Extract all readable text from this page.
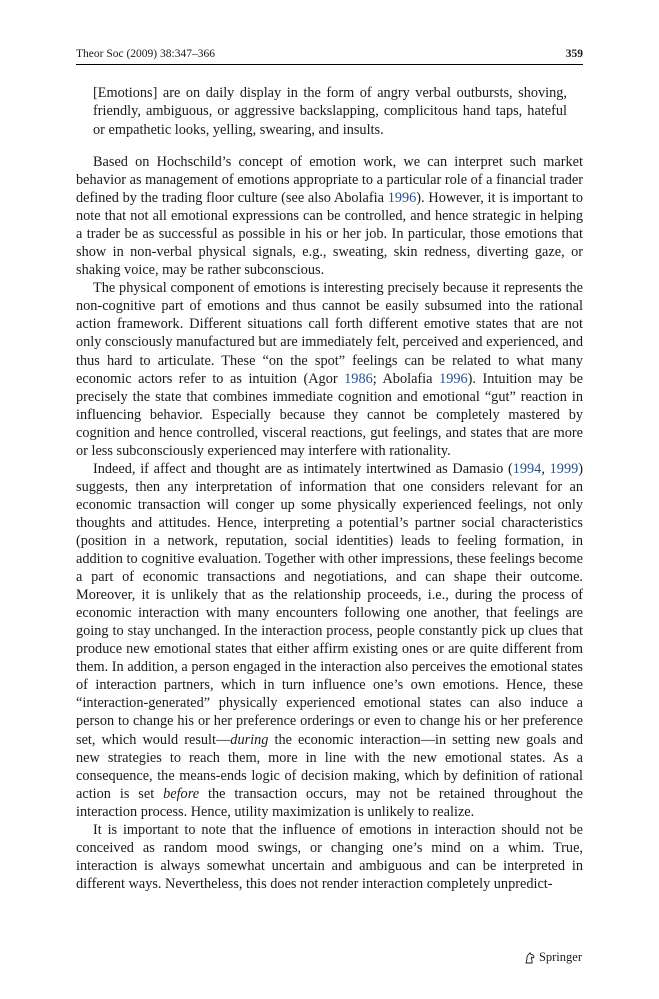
Theor Soc (2009) 38:347–366	359
[Emotions] are on daily display in the form of angry verbal outbursts, shoving, friendly, ambiguous, or aggressive backslapping, complicitous hand taps, hateful or empathetic looks, yelling, swearing, and insults.

Based on Hochschild’s concept of emotion work, we can interpret such market behavior as management of emotions appropriate to a particular role of a financial trader defined by the trading floor culture (see also Abolafia 1996). However, it is important to note that not all emotional expressions can be controlled, and hence strategic in helping a trader be as successful as possible in his or her job. In particular, those emotions that show in non-verbal physical signals, e.g., sweating, skin redness, diverting gaze, or shaking voice, may be rather subconscious.

The physical component of emotions is interesting precisely because it represents the non-cognitive part of emotions and thus cannot be easily subsumed into the rational action framework. Different situations call forth different emotive states that are not only consciously manufactured but are immediately felt, perceived and experienced, and thus hard to articulate. These “on the spot” feelings can be related to what many economic actors refer to as intuition (Agor 1986; Abolafia 1996). Intuition may be precisely the state that combines immediate cognition and emotional “gut” reaction in influencing behavior. Especially because they cannot be completely mastered by cognition and hence controlled, visceral reactions, gut feelings, and states that are more or less subconsciously experienced may interfere with rationality.

Indeed, if affect and thought are as intimately intertwined as Damasio (1994, 1999) suggests, then any interpretation of information that one considers relevant for an economic transaction will conger up some physically experienced feelings, not only thoughts and attitudes. Hence, interpreting a potential’s partner social characteristics (position in a network, reputation, social identities) leads to feeling formation, in addition to cognitive evaluation. Together with other impressions, these feelings become a part of economic transactions and negotiations, and can shape their outcome. Moreover, it is unlikely that as the relationship proceeds, i.e., during the process of economic interaction with many encounters following one another, that feelings are going to stay unchanged. In the interaction process, people constantly pick up clues that produce new emotional states that either affirm existing ones or are quite different from them. In addition, a person engaged in the interaction also perceives the emotional states of interaction partners, which in turn influence one’s own emotions. Hence, these “interaction-generated” physically experienced emotional states can also induce a person to change his or her preference orderings or even to change his or her preference set, which would result—during the economic interaction—in setting new goals and new strategies to reach them, more in line with the new emotional states. As a consequence, the means-ends logic of decision making, which by definition of rational action is set before the transaction occurs, may not be retained throughout the interaction process. Hence, utility maximization is unlikely to realize.

It is important to note that the influence of emotions in interaction should not be conceived as random mood swings, or changing one’s mind on a whim. True, interaction is always somewhat uncertain and ambiguous and can be interpreted in different ways. Nevertheless, this does not render interaction completely unpredict-

Springer
